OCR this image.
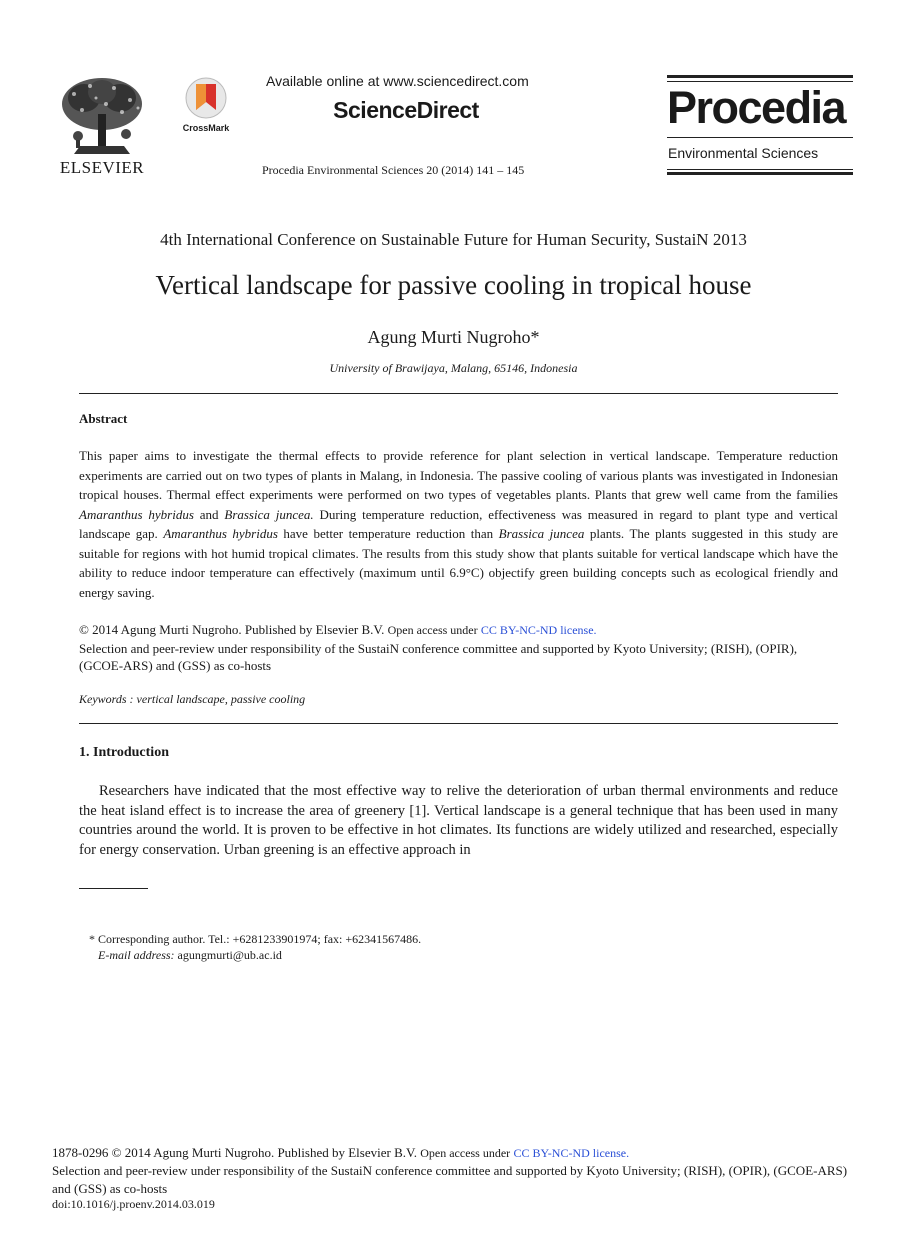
ELSEVIER
CrossMark
Available online at www.sciencedirect.com
ScienceDirect
Procedia Environmental Sciences 20 (2014) 141 – 145
Procedia
Environmental Sciences
4th International Conference on Sustainable Future for Human Security, SustaiN 2013
Vertical landscape for passive cooling in tropical house
Agung Murti Nugroho*
University of Brawijaya, Malang, 65146, Indonesia
Abstract
This paper aims to investigate the thermal effects to provide reference for plant selection in vertical landscape. Temperature reduction experiments are carried out on two types of plants in Malang, in Indonesia. The passive cooling of various plants was investigated in Indonesian tropical houses. Thermal effect experiments were performed on two types of vegetables plants. Plants that grew well came from the families Amaranthus hybridus and Brassica juncea. During temperature reduction, effectiveness was measured in regard to plant type and vertical landscape gap. Amaranthus hybridus have better temperature reduction than Brassica juncea plants. The plants suggested in this study are suitable for regions with hot humid tropical climates. The results from this study show that plants suitable for vertical landscape which have the ability to reduce indoor temperature can effectively (maximum until 6.9°C) objectify green building concepts such as ecological friendly and energy saving.
© 2014 Agung Murti Nugroho. Published by Elsevier B.V. Open access under CC BY-NC-ND license.
Selection and peer-review under responsibility of the SustaiN conference committee and supported by Kyoto University; (RISH), (OPIR), (GCOE-ARS) and (GSS) as co-hosts
Keywords : vertical landscape, passive cooling
1. Introduction
Researchers have indicated that the most effective way to relive the deterioration of urban thermal environments and reduce the heat island effect is to increase the area of greenery [1]. Vertical landscape is a general technique that has been used in many countries around the world. It is proven to be effective in hot climates. Its functions are widely utilized and researched, especially for energy conservation. Urban greening is an effective approach in
* Corresponding author. Tel.: +6281233901974; fax: +62341567486.
E-mail address: agungmurti@ub.ac.id
1878-0296 © 2014 Agung Murti Nugroho. Published by Elsevier B.V. Open access under CC BY-NC-ND license.
Selection and peer-review under responsibility of the SustaiN conference committee and supported by Kyoto University; (RISH), (OPIR), (GCOE-ARS) and (GSS) as co-hosts
doi:10.1016/j.proenv.2014.03.019
